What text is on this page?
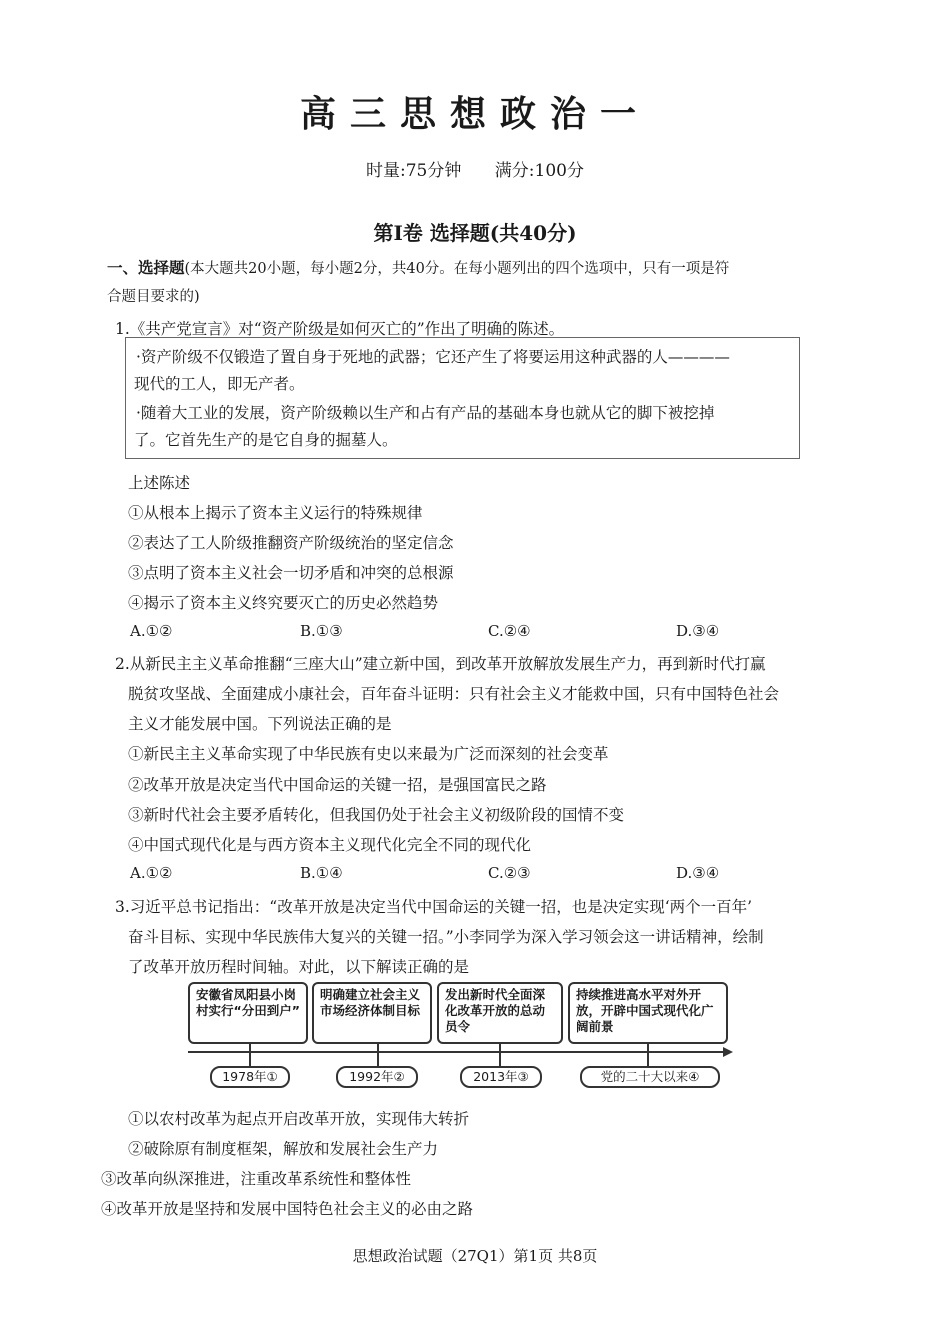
高三思想政治一
时量:75分钟 满分:100分
第Ⅰ卷 选择题(共40分)
一、选择题(本大题共20小题，每小题2分，共40分。在每小题列出的四个选项中，只有一项是符
合题目要求的)
1.《共产党宣言》对“资产阶级是如何灭亡的”作出了明确的陈述。
·资产阶级不仅锻造了置自身于死地的武器；它还产生了将要运用这种武器的人————
现代的工人，即无产者。
·随着大工业的发展，资产阶级赖以生产和占有产品的基础本身也就从它的脚下被挖掉
了。它首先生产的是它自身的掘墓人。
上述陈述
①从根本上揭示了资本主义运行的特殊规律
②表达了工人阶级推翻资产阶级统治的坚定信念
③点明了资本主义社会一切矛盾和冲突的总根源
④揭示了资本主义终究要灭亡的历史必然趋势
A.①②	B.①③	C.②④	D.③④
2.从新民主主义革命推翻“三座大山”建立新中国，到改革开放解放发展生产力，再到新时代打赢
脱贫攻坚战、全面建成小康社会，百年奋斗证明：只有社会主义才能救中国，只有中国特色社会
主义才能发展中国。下列说法正确的是
①新民主主义革命实现了中华民族有史以来最为广泛而深刻的社会变革
②改革开放是决定当代中国命运的关键一招，是强国富民之路
③新时代社会主要矛盾转化，但我国仍处于社会主义初级阶段的国情不变
④中国式现代化是与西方资本主义现代化完全不同的现代化
A.①②	B.①④	C.②③	D.③④
3.习近平总书记指出：“改革开放是决定当代中国命运的关键一招，也是决定实现‘两个一百年’
奋斗目标、实现中华民族伟大复兴的关键一招。”小李同学为深入学习领会这一讲话精神，绘制
了改革开放历程时间轴。对此，以下解读正确的是
安徽省凤阳县小岗村实行“分田到户”
明确建立社会主义市场经济体制目标
发出新时代全面深化改革开放的总动员令
持续推进高水平对外开放，开辟中国式现代化广阔前景
1978年①	1992年②	2013年③	党的二十大以来④
①以农村改革为起点开启改革开放，实现伟大转折
②破除原有制度框架，解放和发展社会生产力
③改革向纵深推进，注重改革系统性和整体性
④改革开放是坚持和发展中国特色社会主义的必由之路
思想政治试题（27Q1）第1页 共8页
